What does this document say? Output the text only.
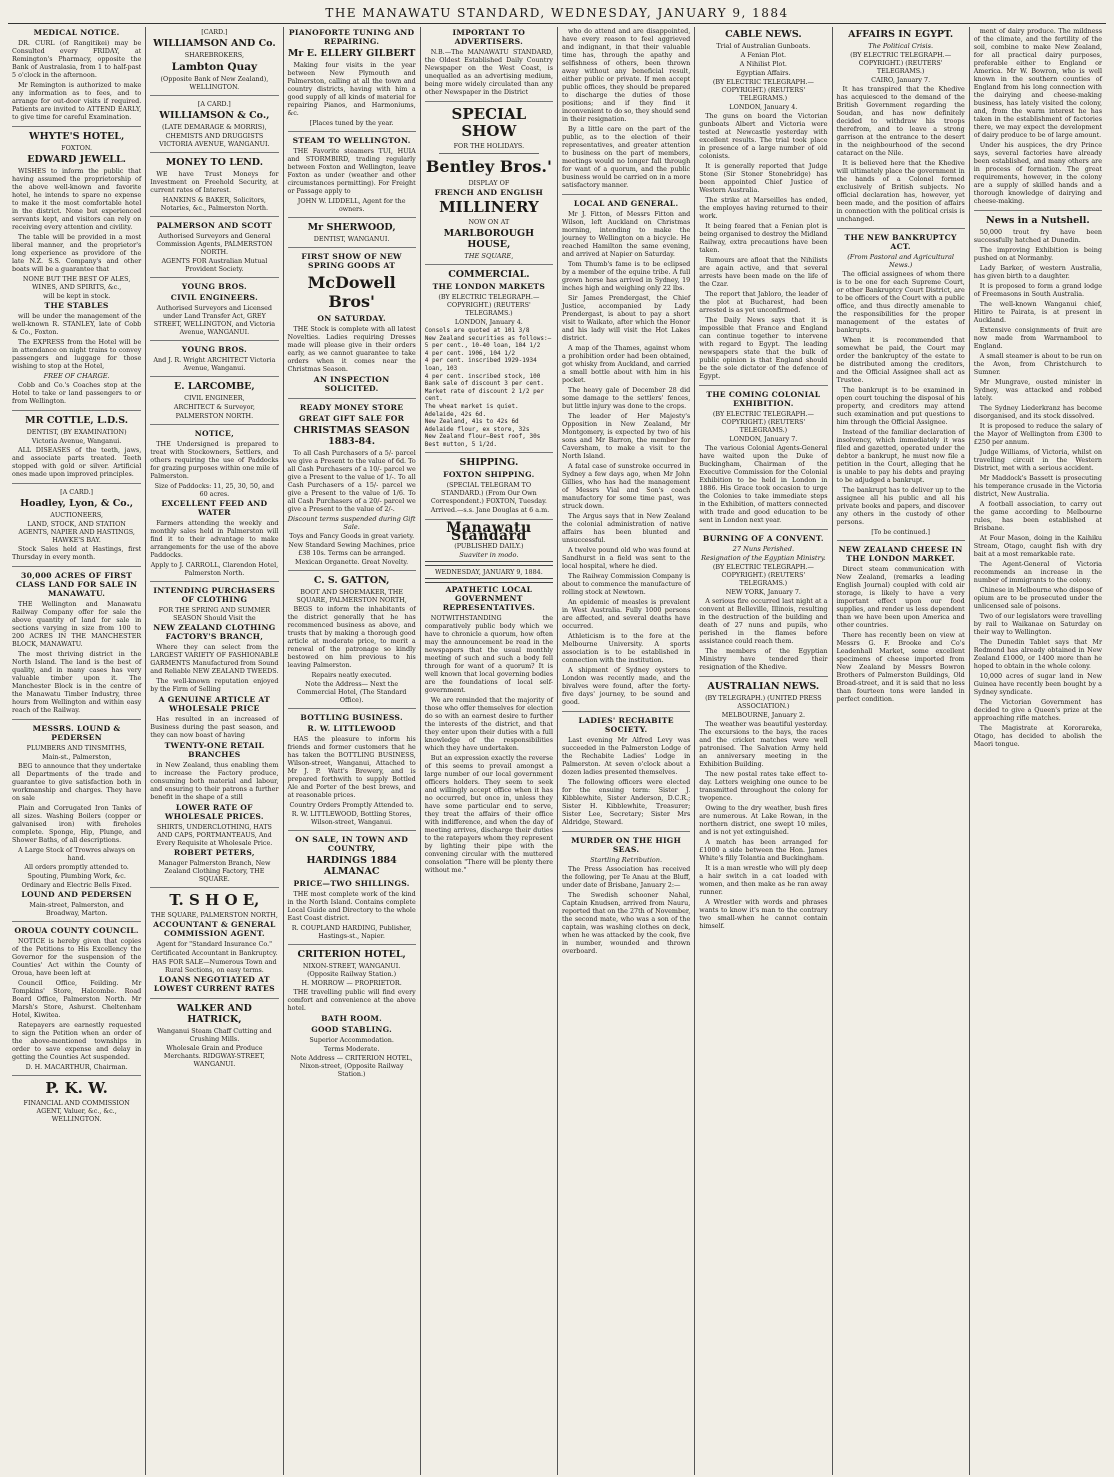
THE MANAWATU STANDARD, WEDNESDAY, JANUARY 9, 1884
MEDICAL NOTICE.
DR. CURL (of Rangitikei) may be Consulted every FRIDAY, at Remington's Pharmacy, opposite the Bank of Australasia, from 1 to half-past 5 o'clock in the afternoon.
Mr Remington is authorized to make any information as to fees, and to arrange for out-door visits if required. Patients are invited to ATTEND EARLY, to give time for careful Examination.
WHYTE'S HOTEL,
FOXTON.
EDWARD JEWELL.
WISHES to inform the public that having assumed the proprietorship of the above well-known and favorite hotel, he intends to spare no expense to make it the most comfortable hotel in the district. None but experienced servants kept, and visitors can rely on receiving every attention and civility.
The table will be provided in a most liberal manner, and the proprietor's long experience as providore of the late N.Z. S.S. Company's and other boats will be a guarantee that
NONE BUT THE BEST OF ALES, WINES, AND SPIRITS, &c.,
will be kept in stock.
THE STABLES
will be under the management of the well-known R. STANLEY, late of Cobb & Co., Foxton.
The EXPRESS from the Hotel will be in attendance on night trains to convey passengers and luggage for those wishing to stop at the Hotel,
FREE OF CHARGE.
Cobb and Co.'s Coaches stop at the Hotel to take or land passengers to or from Wellington.
MR COTTLE, L.D.S.
DENTIST, (BY EXAMINATION)
Victoria Avenue, Wanganui.
ALL DISEASES of the teeth, jaws, and associate parts treated. Teeth stopped with gold or silver. Artificial ones made upon improved principles.
[A CARD.]
Hoadley, Lyon, & Co.,
AUCTIONEERS,
LAND, STOCK, AND STATION AGENTS, NAPIER AND HASTINGS, HAWKE'S BAY.
Stock Sales held at Hastings, first Thursday in every month.
30,000 ACRES OF FIRST CLASS LAND FOR SALE IN MANAWATU.
THE Wellington and Manawatu Railway Company offer for sale the above quantity of land for sale in sections varying in size from 100 to 200 ACRES IN THE MANCHESTER BLOCK, MANAWATU.
The most thriving district in the North Island. The land is the best of quality, and in many cases has very valuable timber upon it. The Manchester Block is in the centre of the Manawatu Timber Industry, three hours from Wellington and within easy reach of the Railway.
MESSRS. LOUND & PEDERSEN
PLUMBERS AND TINSMITHS,
Main-st., Palmerston,
BEG to announce that they undertake all Departments of the trade and guarantee to give satisfaction both in workmanship and charges. They have on sale
Plain and Corrugated Iron Tanks of all sizes. Washing Boilers (copper or galvanised iron) with fireholes complete. Sponge, Hip, Plunge, and Shower Baths, of all descriptions.
A Large Stock of Trowres always on hand.
All orders promptly attended to.
Spouting, Plumbing Work, &c.
Ordinary and Electric Bells Fixed.
LOUND AND PEDERSEN
Main-street, Palmerston, and Broadway, Marton.
OROUA COUNTY COUNCIL.
NOTICE is hereby given that copies of the Petitions to His Excellency the Governor for the suspension of the Counties' Act within the County of Oroua, have been left at
Council Office, Feilding. Mr Tompkins' Store, Halcombe. Road Board Office, Palmerston North. Mr Marsh's Store, Ashurst. Cheltenham Hotel, Kiwitea.
Ratepayers are earnestly requested to sign the Petition when an order of the above-mentioned townships in order to save expense and delay in getting the Counties Act suspended.
D. H. MACARTHUR, Chairman.
P. K. W.
FINANCIAL AND COMMISSION AGENT, Valuer, &c., &c., WELLINGTON.
[CARD.]
WILLIAMSON AND Co.
SHAREBROKERS,
Lambton Quay
(Opposite Bank of New Zealand), WELLINGTON.
[A CARD.]
WILLIAMSON & Co.,
(LATE DEMARAGE & MORRIS),
CHEMISTS AND DRUGGISTS VICTORIA AVENUE, WANGANUI.
MONEY TO LEND.
WE have Trust Moneys for Investment on Freehold Security, at current rates of Interest.
HANKINS & BAKER, Solicitors, Notaries, &c., Palmerston North.
PALMERSON AND SCOTT
Authorised Surveyors and General Commission Agents, PALMERSTON NORTH.
AGENTS FOR Australian Mutual Provident Society.
YOUNG BROS.
CIVIL ENGINEERS.
Authorised Surveyors and Licensed under Land Transfer Act, GREY STREET, WELLINGTON, and Victoria Avenue, WANGANUI.
YOUNG BROS.
And J. R. Wright ARCHITECT Victoria Avenue, Wanganui.
E. LARCOMBE,
CIVIL ENGINEER,
ARCHITECT & Surveyor,
PALMERSTON NORTH.
NOTICE,
THE Undersigned is prepared to treat with Stockowners, Settlers, and others requiring the use of Paddocks for grazing purposes within one mile of Palmerston.
Size of Paddocks: 11, 25, 30, 50, and 60 acres.
EXCELLENT FEED AND WATER
Farmers attending the weekly and monthly sales held in Palmerston will find it to their advantage to make arrangements for the use of the above Paddocks.
Apply to J. CARROLL, Clarendon Hotel, Palmerston North.
INTENDING PURCHASERS OF CLOTHING
FOR THE SPRING AND SUMMER SEASON Should Visit the
NEW ZEALAND CLOTHING FACTORY'S BRANCH,
Where they can select from the LARGEST VARIETY OF FASHIONABLE GARMENTS Manufactured from Sound and Reliable NEW ZEALAND TWEEDS.
The well-known reputation enjoyed by the Firm of Selling
A GENUINE ARTICLE AT WHOLESALE PRICE
Has resulted in an increased of Business during the past season, and they can now boast of having
TWENTY-ONE RETAIL BRANCHES
in New Zealand, thus enabling them to increase the Factory produce, consuming both material and labour, and ensuring to their patrons a further benefit in the shape of a still
LOWER RATE OF WHOLESALE PRICES.
SHIRTS, UNDERCLOTHING, HATS AND CAPS, PORTMANTEAUS, And Every Requisite at Wholesale Price.
ROBERT PETERS,
Manager Palmerston Branch, New Zealand Clothing Factory, THE SQUARE.
T. S H O E,
THE SQUARE, PALMERSTON NORTH,
ACCOUNTANT & GENERAL COMMISSION AGENT.
Agent for "Standard Insurance Co."
Certificated Accountant in Bankruptcy.
HAS FOR SALE—Numerous Town and Rural Sections, on easy terms.
LOANS NEGOTIATED AT LOWEST CURRENT RATES
WALKER AND HATRICK,
Wanganui Steam Chaff Cutting and Crushing Mills.
Wholesale Grain and Produce Merchants. RIDGWAY-STREET, WANGANUI.
PIANOFORTE TUNING AND REPAIRING.
Mr E. ELLERY GILBERT
Making four visits in the year between New Plymouth and Palmerston, calling at all the town and country districts, having with him a good supply of all kinds of material for repairing Pianos, and Harmoniums, &c.
[Places tuned by the year.
STEAM TO WELLINGTON.
THE Favorite steamers TUI, HUIA and STORMBIRD, trading regularly between Foxton and Wellington, leave Foxton as under (weather and other circumstances permitting). For Freight or Passage apply to
JOHN W. LIDDELL, Agent for the owners.
Mr SHERWOOD,
DENTIST, WANGANUI.
FIRST SHOW OF NEW SPRING GOODS AT
McDowell Bros'
ON SATURDAY.
THE Stock is complete with all latest Novelties. Ladies requiring Dresses made will please give in their orders early, as we cannot guarantee to take orders when it comes near the Christmas Season.
AN INSPECTION SOLICITED.
READY MONEY STORE
GREAT GIFT SALE FOR
CHRISTMAS SEASON 1883-84.
To all Cash Purchasers of a 5/- parcel we give a Present to the value of 6d. To all Cash Purchasers of a 10/- parcel we give a Present to the value of 1/-. To all Cash Purchasers of a 15/- parcel we give a Present to the value of 1/6. To all Cash Purchasers of a 20/- parcel we give a Present to the value of 2/-.
Discount terms suspended during Gift Sale.
Toys and Fancy Goods in great variety.
New Standard Sewing Machines, price £38 10s. Terms can be arranged.
Mexican Organette. Great Novelty.
C. S. GATTON,
BOOT AND SHOEMAKER, THE SQUARE, PALMERSTON NORTH,
BEGS to inform the inhabitants of the district generally that he has recommenced business as above, and trusts that by making a thorough good article at moderate price, to merit a renewal of the patronage so kindly bestowed on him previous to his leaving Palmerston.
Repairs neatly executed.
Note the Address— Next the Commercial Hotel, (The Standard Office).
BOTTLING BUSINESS.
R. W. LITTLEWOOD
HAS the pleasure to inform his friends and former customers that he has taken the BOTTLING BUSINESS, Wilson-street, Wanganui, Attached to Mr J. P. Watt's Brewery, and is prepared forthwith to supply Bottled Ale and Porter of the best brews, and at reasonable prices.
Country Orders Promptly Attended to.
R. W. LITTLEWOOD, Bottling Stores, Wilson-street, Wanganui.
ON SALE, IN TOWN AND COUNTRY,
HARDINGS 1884 ALMANAC
PRICE—TWO SHILLINGS.
THE most complete work of the kind in the North Island. Contains complete Local Guide and Directory to the whole East Coast district.
R. COUPLAND HARDING, Publisher, Hastings-st., Napier.
CRITERION HOTEL,
NIXON-STREET, WANGANUI. (Opposite Railway Station.)
H. MORROW — PROPRIETOR.
THE travelling public will find every comfort and convenience at the above hotel.
BATH ROOM.
GOOD STABLING.
Superior Accommodation.
Terms Moderate.
Note Address — CRITERION HOTEL, Nixon-street, (Opposite Railway Station.)
IMPORTANT TO ADVERTISERS.
N.B.—The MANAWATU STANDARD, the Oldest Established Daily Country Newspaper on the West Coast, is unequalled as an advertising medium, being more widely circulated than any other Newspaper in the District
SPECIAL SHOW
FOR THE HOLIDAYS.
Bentley Bros.'
DISPLAY OF
FRENCH AND ENGLISH
MILLINERY
NOW ON AT
MARLBOROUGH HOUSE,
THE SQUARE,
COMMERCIAL.
THE LONDON MARKETS
(BY ELECTRIC TELEGRAPH.—COPYRIGHT.) (REUTERS' TELEGRAMS.)
LONDON, January 4.
Consols are quoted at 101 3/8
New Zealand securities as follows:—
5 per cent., 10-40 loan, 104 1/2
4 per cent. 1906, 104 1/2
4 per cent. inscribed 1929-1934 loan, 103
4 per cent. inscribed stock, 100
Bank sale of discount 3 per cent.
Market rate of discount 2 1/2 per cent.
The wheat market is quiet.
Adelaide, 42s 6d.
New Zealand, 41s to 42s 6d
Adelaide flour, ex store, 32s
New Zealand flour—Best roof, 30s
Best mutton, 5 1/2d.
SHIPPING.
FOXTON SHIPPING.
(SPECIAL TELEGRAM TO STANDARD.) (From Our Own Correspondent.) FOXTON, Tuesday.
Arrived.—s.s. Jane Douglas at 6 a.m.
Manawatu Standard
(PUBLISHED DAILY.)
Suaviter in modo.
WEDNESDAY, JANUARY 9, 1884.
APATHETIC LOCAL GOVERNMENT REPRESENTATIVES.
NOTWITHSTANDING the comparatively public body which we have to chronicle a quorum, how often may the announcement be read in the newspapers that the usual monthly meeting of such and such a body fell through for want of a quorum? It is well known that local governing bodies are the foundations of local self-government.
We are reminded that the majority of those who offer themselves for election do so with an earnest desire to further the interests of the district, and that they enter upon their duties with a full knowledge of the responsibilities which they have undertaken.
But an expression exactly the reverse of this seems to prevail amongst a large number of our local government officers holders. They seem to seek and willingly accept office when it has no occurred, but once in, unless they have some particular end to serve, they treat the affairs of their office with indifference, and when the day of meeting arrives, discharge their duties to the ratepayers whom they represent by lighting their pipe with the convening circular with the muttered consolation "There will be plenty there without me."
who do attend and are disappointed, have every reason to feel aggrieved and indignant, in that their valuable time has, through the apathy and selfishness of others, been thrown away without any beneficial result, either public or private. If men accept public offices, they should be prepared to discharge the duties of those positions; and if they find it inconvenient to do so, they should send in their resignation.
By a little care on the part of the public, as to the election of their representatives, and greater attention to business on the part of members, meetings would no longer fall through for want of a quorum, and the public business would be carried on in a more satisfactory manner.
LOCAL AND GENERAL.
Mr J. Fitton, of Messrs Fitton and Wilson, left Auckland on Christmas morning, intending to make the journey to Wellington on a bicycle. He reached Hamilton the same evening, and arrived at Napier on Saturday.
Tom Thumb's fame is to be eclipsed by a member of the equine tribe. A full grown horse has arrived in Sydney, 19 inches high and weighing only 22 lbs.
Sir James Prendergast, the Chief Justice, accompanied by Lady Prendergast, is about to pay a short visit to Waikato, after which the Honor and his lady will visit the Hot Lakes district.
A map of the Thames, against whom a prohibition order had been obtained, got whisky from Auckland, and carried a small bottle about with him in his pocket.
The heavy gale of December 28 did some damage to the settlers' fences, but little injury was done to the crops.
The leader of Her Majesty's Opposition in New Zealand, Mr Montgomery, is expected by two of his sons and Mr Barron, the member for Caversham, to make a visit to the North Island.
A fatal case of sunstroke occurred in Sydney a few days ago, when Mr John Gillies, who has had the management of Messrs Vial and Son's coach manufactory for some time past, was struck down.
The Argus says that in New Zealand the colonial administration of native affairs has been blunted and unsuccessful.
A twelve pound old who was found at Sandhurst in a field was sent to the local hospital, where he died.
The Railway Commission Company is about to commence the manufacture of rolling stock at Newtown.
An epidemic of measles is prevalent in West Australia. Fully 1000 persons are affected, and several deaths have occurred.
Athleticism is to the fore at the Melbourne University. A sports association is to be established in connection with the institution.
A shipment of Sydney oysters to London was recently made, and the bivalves were found, after the forty-five days' journey, to be sound and good.
LADIES' RECHABITE SOCIETY.
Last evening Mr Alfred Levy was succeeded in the Palmerston Lodge of the Rechabite Ladies' Lodge in Palmerston. At seven o'clock about a dozen ladies presented themselves.
The following officers were elected for the ensuing term: Sister J. Kibblewhite, Sister Anderson, D.C.R.; Sister H. Kibblewhite, Treasurer; Sister Lee, Secretary; Sister Mrs Aldridge, Steward.
MURDER ON THE HIGH SEAS.
Startling Retribution.
The Press Association has received the following, per Te Anau at the Bluff, under date of Brisbane, January 2:—
The Swedish schooner Nahal, Captain Knudsen, arrived from Nauru, reported that on the 27th of November, the second mate, who was a son of the captain, was washing clothes on deck, when he was attacked by the cook, five in number, wounded and thrown overboard.
CABLE NEWS.
Trial of Australian Gunboats.
A Fenian Plot.
A Nihilist Plot.
Egyptian Affairs.
(BY ELECTRIC TELEGRAPH.—COPYRIGHT.) (REUTERS' TELEGRAMS.)
LONDON, January 4.
The guns on board the Victorian gunboats Albert and Victoria were tested at Newcastle yesterday with excellent results. The trial took place in presence of a large number of old colonists.
It is generally reported that Judge Stone (Sir Stoner Stonebridge) has been appointed Chief Justice of Western Australia.
The strike at Marseilles has ended, the employes having returned to their work.
It being feared that a Fenian plot is being organised to destroy the Midland Railway, extra precautions have been taken.
Rumours are afloat that the Nihilists are again active, and that several arrests have been made on the life of the Czar.
The report that Jabloro, the leader of the plot at Bucharest, had been arrested is as yet unconfirmed.
The Daily News says that it is impossible that France and England can continue together to intervene with regard to Egypt. The leading newspapers state that the bulk of public opinion is that England should be the sole dictator of the defence of Egypt.
THE COMING COLONIAL EXHIBITION.
(BY ELECTRIC TELEGRAPH.—COPYRIGHT.) (REUTERS' TELEGRAMS.)
LONDON, January 7.
The various Colonial Agents-General have waited upon the Duke of Buckingham, Chairman of the Executive Commission for the Colonial Exhibition to be held in London in 1886. His Grace took occasion to urge the Colonies to take immediate steps in the Exhibition, of matters connected with trade and good education to be sent in London next year.
BURNING OF A CONVENT.
27 Nuns Perished.
Resignation of the Egyptian Ministry.
(BY ELECTRIC TELEGRAPH.—COPYRIGHT.) (REUTERS' TELEGRAMS.)
NEW YORK, January 7.
A serious fire occurred last night at a convent at Belleville, Illinois, resulting in the destruction of the building and death of 27 nuns and pupils, who perished in the flames before assistance could reach them.
The members of the Egyptian Ministry have tendered their resignation of the Khedive.
AUSTRALIAN NEWS.
(BY TELEGRAPH.) (UNITED PRESS ASSOCIATION.)
MELBOURNE, January 2.
The weather was beautiful yesterday. The excursions to the bays, the races and the cricket matches were well patronised. The Salvation Army held an anniversary meeting in the Exhibition Building.
The new postal rates take effect to-day. Letters weighing one ounce to be transmitted throughout the colony for twopence.
Owing to the dry weather, bush fires are numerous. At Lake Rowan, in the northern district, one swept 10 miles, and is not yet extinguished.
A match has been arranged for £1000 a side between the Hon. James White's filly Tolantia and Buckingham.
It is a man wrestle who will ply deep a hair switch in a cat loaded with women, and then make as he ran away runner.
A Wrestler with words and phrases wants to know it's man to the contrary two small-when he cannot contain himself.
AFFAIRS IN EGYPT.
The Political Crisis.
(BY ELECTRIC TELEGRAPH.—COPYRIGHT.) (REUTERS' TELEGRAMS.)
CAIRO, January 7.
It has transpired that the Khedive has acquiesced to the demand of the British Government regarding the Soudan, and has now definitely decided to withdraw his troops therefrom, and to leave a strong garrison at the entrance to the desert in the neighbourhood of the second cataract on the Nile.
It is believed here that the Khedive will ultimately place the government in the hands of a Colonel formed exclusively of British subjects. No official declaration has, however, yet been made, and the position of affairs in connection with the political crisis is unchanged.
THE NEW BANKRUPTCY ACT.
(From Pastoral and Agricultural News.)
The official assignees of whom there is to be one for each Supreme Court, or other Bankruptcy Court District, are to be officers of the Court with a public office, and thus directly amenable to the responsibilities for the proper management of the estates of bankrupts.
When it is recommended that somewhat be paid, the Court may order the bankruptcy of the estate to be distributed among the creditors, and the Official Assignee shall act as Trustee.
The bankrupt is to be examined in open court touching the disposal of his property, and creditors may attend such examination and put questions to him through the Official Assignee.
Instead of the familiar declaration of insolvency, which immediately it was filed and gazetted, operated under the debtor a bankrupt, he must now file a petition in the Court, alleging that he is unable to pay his debts and praying to be adjudged a bankrupt.
The bankrupt has to deliver up to the assignee all his public and all his private books and papers, and discover any others in the custody of other persons.
[To be continued.]
NEW ZEALAND CHEESE IN THE LONDON MARKET.
Direct steam communication with New Zealand, (remarks a leading English Journal) coupled with cold air storage, is likely to have a very important effect upon our food supplies, and render us less dependent than we have been upon America and other countries.
There has recently been on view at Messrs G. F. Brooke and Co's Leadenhall Market, some excellent specimens of cheese imported from New Zealand by Messrs Bowron Brothers of Palmerston Buildings, Old Broad-street, and it is said that no less than fourteen tons were landed in perfect condition.
ment of dairy produce. The mildness of the climate, and the fertility of the soil, combine to make New Zealand, for all practical dairy purposes, preferable either to England or America. Mr W. Bowron, who is well known in the southern counties of England from his long connection with the dairying and cheese-making business, has lately visited the colony, and, from the warm interest he has taken in the establishment of factories there, we may expect the development of dairy produce to be of large amount.
Under his auspices, the dry Prince says, several factories have already been established, and many others are in process of formation. The great requirements, however, in the colony are a supply of skilled hands and a thorough knowledge of dairying and cheese-making.
News in a Nutshell.
50,000 trout fry have been successfully hatched at Dunedin.
The improving Exhibition is being pushed on at Normanby.
Lady Barker, of western Australia, has given birth to a daughter.
It is proposed to form a grand lodge of Freemasons in South Australia.
The well-known Wanganui chief, Hitiro te Pairata, is at present in Auckland.
Extensive consignments of fruit are now made from Warrnambool to England.
A small steamer is about to be run on the Avon, from Christchurch to Sumner.
Mr Mungrave, ousted minister in Sydney, was attacked and robbed lately.
The Sydney Liederkranz has become disorganised, and its stock dissolved.
It is proposed to reduce the salary of the Mayor of Wellington from £300 to £250 per annum.
Judge Williams, of Victoria, whilst on travelling circuit in the Western District, met with a serious accident.
Mr Maddock's Bassett is prosecuting his temperance crusade in the Victoria district, New Australia.
A football association, to carry out the game according to Melbourne rules, has been established at Brisbane.
At Four Mason, doing in the Kaihiku Stream, Otago, caught fish with dry bait at a most remarkable rate.
The Agent-General of Victoria recommends an increase in the number of immigrants to the colony.
Chinese in Melbourne who dispose of opium are to be prosecuted under the unlicensed sale of poisons.
Two of our legislators were travelling by rail to Waikanae on Saturday on their way to Wellington.
The Dunedin Tablet says that Mr Redmond has already obtained in New Zealand £1000, or 1400 more than he hoped to obtain in the whole colony.
10,000 acres of sugar land in New Guinea have recently been bought by a Sydney syndicate.
The Victorian Government has decided to give a Queen's prize at the approaching rifle matches.
The Magistrate at Kororareka, Otago, has decided to abolish the Maori tongue.
